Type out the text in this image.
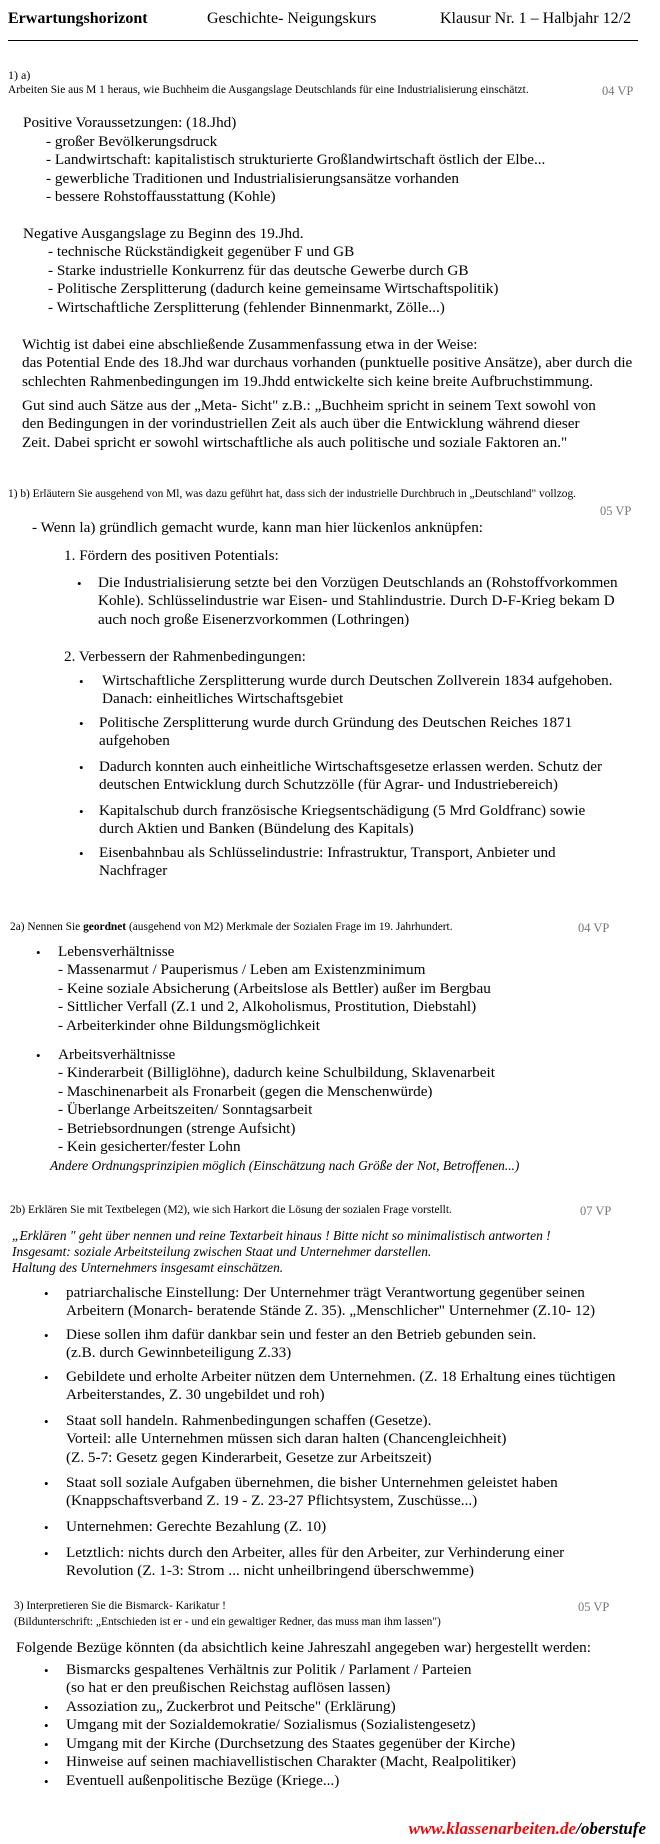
Erwartungshorizont	Geschichte- Neigungskurs	Klausur Nr. 1 – Halbjahr 12/2
1) a)
Arbeiten Sie aus M 1 heraus, wie Buchheim die Ausgangslage Deutschlands für eine Industrialisierung einschätzt.	04 VP
Positive Voraussetzungen: (18.Jhd)
- großer Bevölkerungsdruck
- Landwirtschaft: kapitalistisch strukturierte Großlandwirtschaft östlich der Elbe...
- gewerbliche Traditionen und Industrialisierungsansätze vorhanden
- bessere Rohstoffausstattung (Kohle)
Negative Ausgangslage zu Beginn des 19.Jhd.
- technische Rückständigkeit gegenüber F und GB
- Starke industrielle Konkurrenz für das deutsche Gewerbe durch GB
- Politische Zersplitterung (dadurch keine gemeinsame Wirtschaftspolitik)
- Wirtschaftliche Zersplitterung (fehlender Binnenmarkt, Zölle...)
Wichtig ist dabei eine abschließende Zusammenfassung etwa in der Weise:
das Potential Ende des 18.Jhd war durchaus vorhanden (punktuelle positive Ansätze), aber durch die
schlechten Rahmenbedingungen im 19.Jhdd entwickelte sich keine breite Aufbruchstimmung.
Gut sind auch Sätze aus der „Meta- Sicht" z.B.: „Buchheim spricht in seinem Text sowohl von
den Bedingungen in der vorindustriellen Zeit als auch über die Entwicklung während dieser
Zeit. Dabei spricht er sowohl wirtschaftliche als auch politische und soziale Faktoren an."
1) b) Erläutern Sie ausgehend von Ml, was dazu geführt hat, dass sich der industrielle Durchbruch in „Deutschland" vollzog.
05 VP
- Wenn la) gründlich gemacht wurde, kann man hier lückenlos anknüpfen:
1. Fördern des positiven Potentials:
• Die Industrialisierung setzte bei den Vorzügen Deutschlands an (Rohstoffvorkommen
Kohle). Schlüsselindustrie war Eisen- und Stahlindustrie. Durch D-F-Krieg bekam D
auch noch große Eisenerzvorkommen (Lothringen)
2. Verbessern der Rahmenbedingungen:
• Wirtschaftliche Zersplitterung wurde durch Deutschen Zollverein 1834 aufgehoben.
Danach: einheitliches Wirtschaftsgebiet
• Politische Zersplitterung wurde durch Gründung des Deutschen Reiches 1871
aufgehoben
• Dadurch konnten auch einheitliche Wirtschaftsgesetze erlassen werden. Schutz der
deutschen Entwicklung durch Schutzzölle (für Agrar- und Industriebereich)
• Kapitalschub durch französische Kriegsentschädigung (5 Mrd Goldfranc) sowie
durch Aktien und Banken (Bündelung des Kapitals)
• Eisenbahnbau als Schlüsselindustrie: Infrastruktur, Transport, Anbieter und
Nachfrager
2a) Nennen Sie geordnet (ausgehend von M2) Merkmale der Sozialen Frage im 19. Jahrhundert.	04 VP
• Lebensverhältnisse
- Massenarmut / Pauperismus / Leben am Existenzminimum
- Keine soziale Absicherung (Arbeitslose als Bettler) außer im Bergbau
- Sittlicher Verfall (Z.1 und 2, Alkoholismus, Prostitution, Diebstahl)
- Arbeiterkinder ohne Bildungsmöglichkeit
• Arbeitsverhältnisse
- Kinderarbeit (Billiglöhne), dadurch keine Schulbildung, Sklavenarbeit
- Maschinenarbeit als Fronarbeit (gegen die Menschenwürde)
- Überlange Arbeitszeiten/ Sonntagsarbeit
- Betriebsordnungen (strenge Aufsicht)
- Kein gesicherter/fester Lohn
Andere Ordnungsprinzipien möglich (Einschätzung nach Größe der Not, Betroffenen...)
2b) Erklären Sie mit Textbelegen (M2), wie sich Harkort die Lösung der sozialen Frage vorstellt.	07 VP
„Erklären " geht über nennen und reine Textarbeit hinaus ! Bitte nicht so minimalistisch antworten !
Insgesamt: soziale Arbeitsteilung zwischen Staat und Unternehmer darstellen.
Haltung des Unternehmers insgesamt einschätzen.
• patriarchalische Einstellung: Der Unternehmer trägt Verantwortung gegenüber seinen
Arbeitern (Monarch- beratende Stände Z. 35). „Menschlicher" Unternehmer (Z.10- 12)
• Diese sollen ihm dafür dankbar sein und fester an den Betrieb gebunden sein.
(z.B. durch Gewinnbeteiligung Z.33)
• Gebildete und erholte Arbeiter nützen dem Unternehmen. (Z. 18 Erhaltung eines tüchtigen
Arbeiterstandes, Z. 30 ungebildet und roh)
• Staat soll handeln. Rahmenbedingungen schaffen (Gesetze).
Vorteil: alle Unternehmen müssen sich daran halten (Chancengleichheit)
(Z. 5-7: Gesetz gegen Kinderarbeit, Gesetze zur Arbeitszeit)
• Staat soll soziale Aufgaben übernehmen, die bisher Unternehmen geleistet haben
(Knappschaftsverband Z. 19 - Z. 23-27 Pflichtsystem, Zuschüsse...)
• Unternehmen: Gerechte Bezahlung (Z. 10)
• Letztlich: nichts durch den Arbeiter, alles für den Arbeiter, zur Verhinderung einer
Revolution (Z. 1-3: Strom ... nicht unheilbringend überschwemme)
3) Interpretieren Sie die Bismarck- Karikatur !	05 VP
(Bildunterschrift: „Entschieden ist er - und ein gewaltiger Redner, das muss man ihm lassen")
Folgende Bezüge könnten (da absichtlich keine Jahreszahl angegeben war) hergestellt werden:
• Bismarcks gespaltenes Verhältnis zur Politik / Parlament / Parteien
(so hat er den preußischen Reichstag auflösen lassen)
• Assoziation zu„ Zuckerbrot und Peitsche" (Erklärung)
• Umgang mit der Sozialdemokratie/ Sozialismus (Sozialistengesetz)
• Umgang mit der Kirche (Durchsetzung des Staates gegenüber der Kirche)
• Hinweise auf seinen machiavellistischen Charakter (Macht, Realpolitiker)
• Eventuell außenpolitische Bezüge (Kriege...)
www.klassenarbeiten.de/oberstufe
